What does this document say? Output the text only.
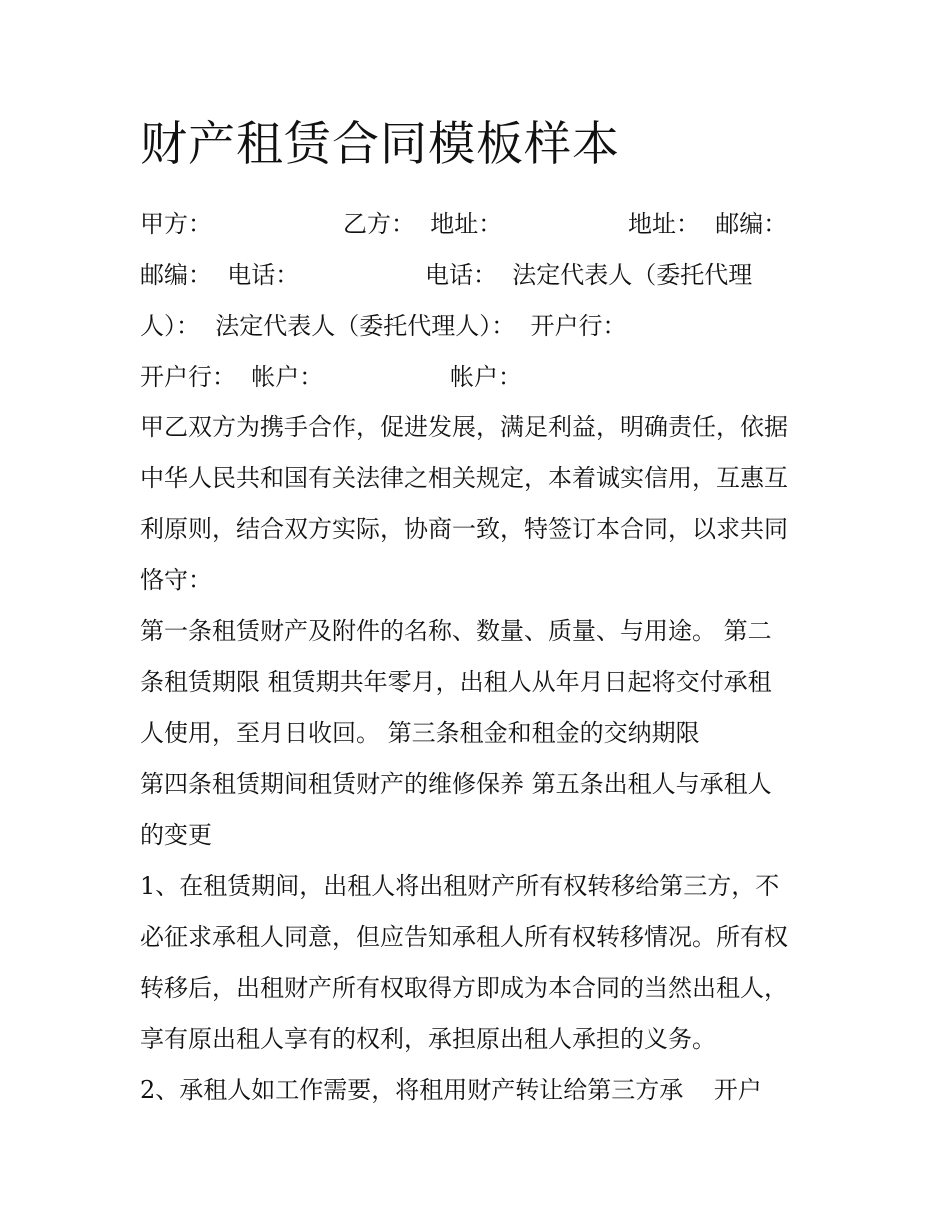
财产租赁合同模板样本

甲方：

	乙方：  地址：

	地址：  邮编：

邮编：  电话：

	电话：  法定代表人（委托代理

人）：  法定代表人（委托代理人）：  开户行：

开户行：  帐户：

	帐户：

甲乙双方为携手合作，促进发展，满足利益，明确责任，依据
中华人民共和国有关法律之相关规定，本着诚实信用，互惠互
利原则，结合双方实际，协商一致，特签订本合同，以求共同
恪守：
第一条租赁财产及附件的名称、数量、质量、与用途。 第二
条租赁期限 租赁期共年零月，出租人从年月日起将交付承租
人使用，至月日收回。 第三条租金和租金的交纳期限
第四条租赁期间租赁财产的维修保养 第五条出租人与承租人
的变更
1、在租赁期间，出租人将出租财产所有权转移给第三方，不
必征求承租人同意，但应告知承租人所有权转移情况。所有权
转移后，出租财产所有权取得方即成为本合同的当然出租人，
享有原出租人享有的权利，承担原出租人承担的义务。
2、承租人如工作需要，将租用财产转让给第三方承    开户
